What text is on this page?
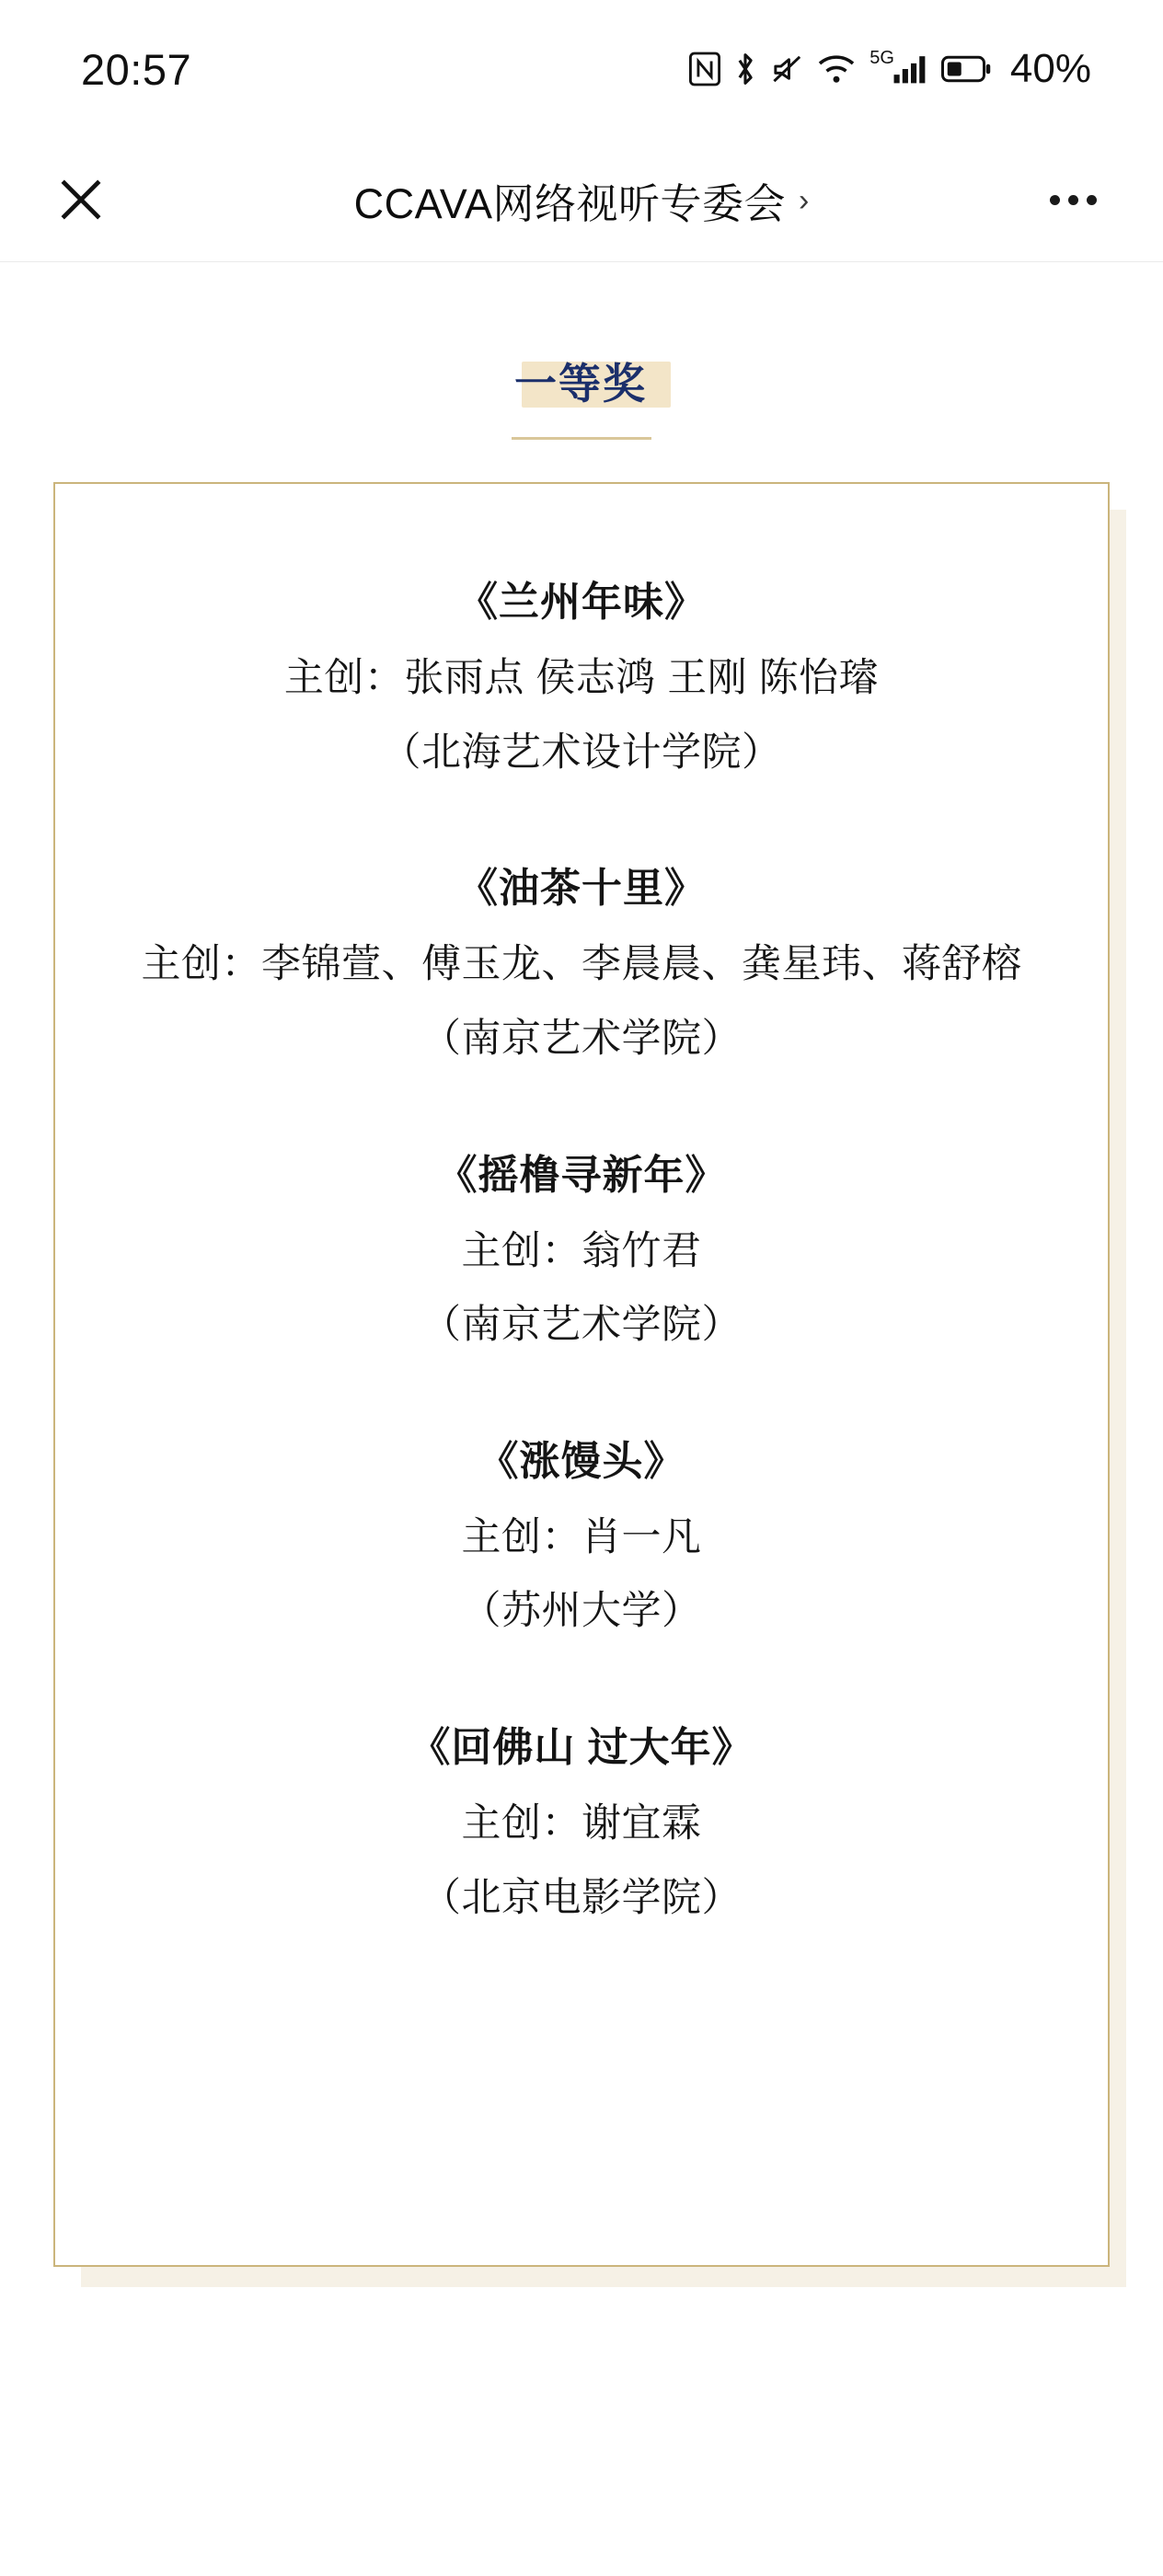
20:57	5G	40%
CCAVA网络视听专委会 ›
一等奖
《兰州年味》
主创：张雨点 侯志鸿 王刚 陈怡璿
（北海艺术设计学院）
《油茶十里》
主创：李锦萱、傅玉龙、李晨晨、龚星玮、蒋舒榕
（南京艺术学院）
《摇橹寻新年》
主创：翁竹君
（南京艺术学院）
《涨馒头》
主创：肖一凡
（苏州大学）
《回佛山 过大年》
主创：谢宜霖
（北京电影学院）
